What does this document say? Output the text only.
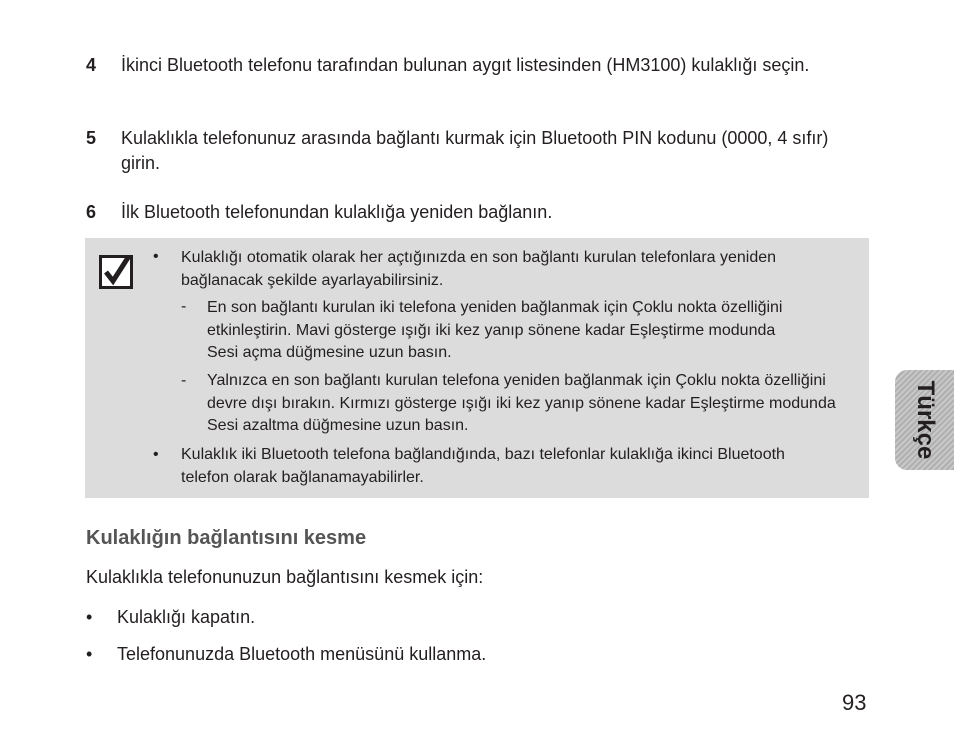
4 İkinci Bluetooth telefonu tarafından bulunan aygıt listesinden (HM3100) kulaklığı seçin.
5 Kulaklıkla telefonunuz arasında bağlantı kurmak için Bluetooth PIN kodunu (0000, 4 sıfır) girin.
6 İlk Bluetooth telefonundan kulaklığa yeniden bağlanın.
• Kulaklığı otomatik olarak her açtığınızda en son bağlantı kurulan telefonlara yeniden bağlanacak şekilde ayarlayabilirsiniz.
- En son bağlantı kurulan iki telefona yeniden bağlanmak için Çoklu nokta özelliğini etkinleştirin. Mavi gösterge ışığı iki kez yanıp sönene kadar Eşleştirme modunda Sesi açma düğmesine uzun basın.
- Yalnızca en son bağlantı kurulan telefona yeniden bağlanmak için Çoklu nokta özelliğini devre dışı bırakın. Kırmızı gösterge ışığı iki kez yanıp sönene kadar Eşleştirme modunda Sesi azaltma düğmesine uzun basın.
• Kulaklık iki Bluetooth telefona bağlandığında, bazı telefonlar kulaklığa ikinci Bluetooth telefon olarak bağlanamayabilirler.
Kulaklığın bağlantısını kesme
Kulaklıkla telefonunuzun bağlantısını kesmek için:
• Kulaklığı kapatın.
• Telefonunuzda Bluetooth menüsünü kullanma.
Türkçe
93
